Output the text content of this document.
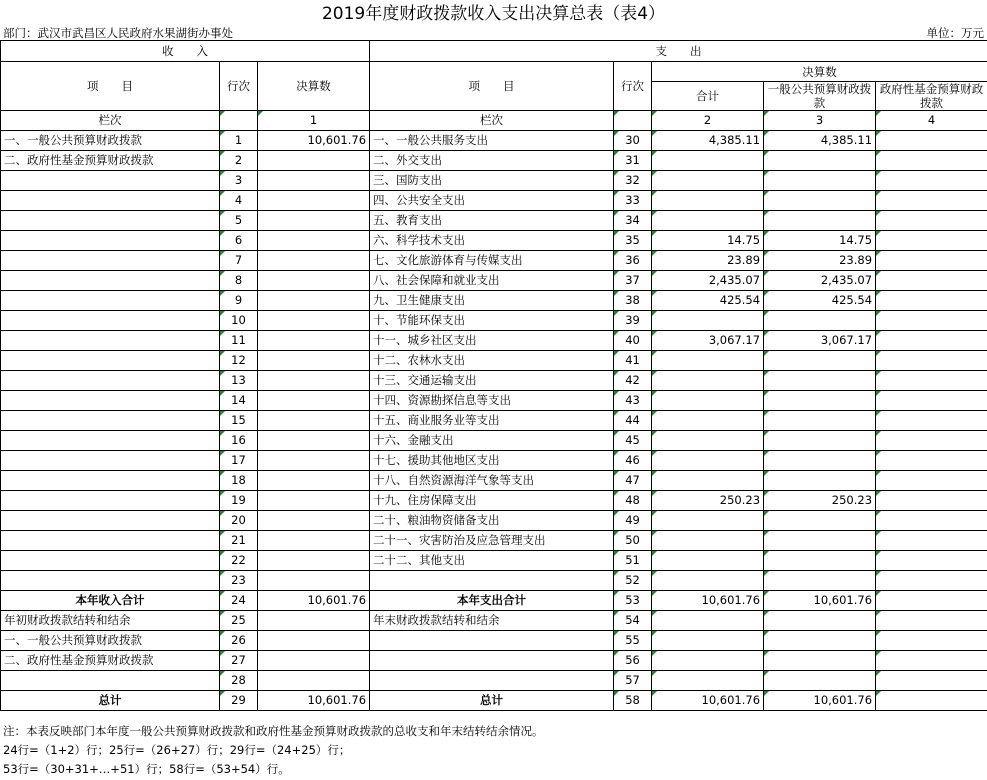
2019年度财政拨款收入支出决算总表（表4）
部门：武汉市武昌区人民政府水果湖街办事处	单位：万元
收　　入			支　　出				
项　　目	行次	决算数	项　　目	行次	决算数		
					合计	一般公共预算财政拨款	政府性基金预算财政拨款

栏次		1	栏次		2	3	4
一、一般公共预算财政拨款	1	10,601.76	一、一般公共服务支出	30	4,385.11	4,385.11	
二、政府性基金预算财政拨款	2		二、外交支出	31			
	3		三、国防支出	32			
	4		四、公共安全支出	33			
	5		五、教育支出	34			
	6		六、科学技术支出	35	14.75	14.75	
	7		七、文化旅游体育与传媒支出	36	23.89	23.89	
	8		八、社会保障和就业支出	37	2,435.07	2,435.07	
	9		九、卫生健康支出	38	425.54	425.54	
	10		十、节能环保支出	39			
	11		十一、城乡社区支出	40	3,067.17	3,067.17	
	12		十二、农林水支出	41			
	13		十三、交通运输支出	42			
	14		十四、资源勘探信息等支出	43			
	15		十五、商业服务业等支出	44			
	16		十六、金融支出	45			
	17		十七、援助其他地区支出	46			
	18		十八、自然资源海洋气象等支出	47			
	19		十九、住房保障支出	48	250.23	250.23	
	20		二十、粮油物资储备支出	49			
	21		二十一、灾害防治及应急管理支出	50			
	22		二十二、其他支出	51			
	23			52			
本年收入合计	24	10,601.76	本年支出合计	53	10,601.76	10,601.76	
年初财政拨款结转和结余	25		年末财政拨款结转和结余	54			
一、一般公共预算财政拨款	26			55			
二、政府性基金预算财政拨款	27			56			
	28			57			
总计	29	10,601.76	总计	58	10,601.76	10,601.76	
注：本表反映部门本年度一般公共预算财政拨款和政府性基金预算财政拨款的总收支和年末结转结余情况。
24行=（1+2）行；25行=（26+27）行；29行=（24+25）行；
53行=（30+31+…+51）行；58行=（53+54）行。
